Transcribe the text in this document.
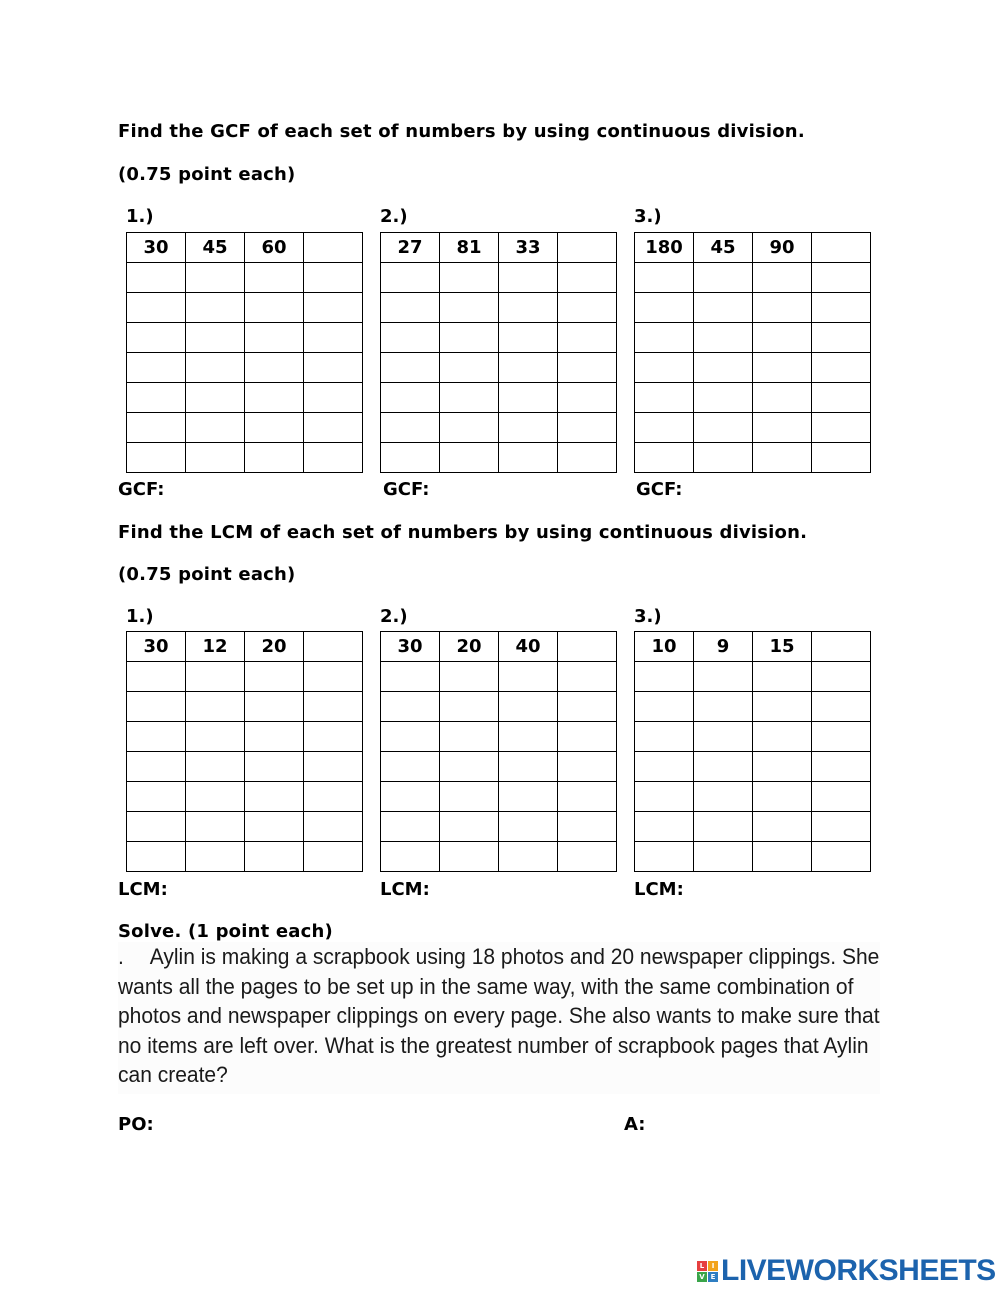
Find the GCF of each set of numbers by using continuous division.
(0.75 point each)
1.)	2.)	3.)
30	45	60	

				27	81	33	

				180	45	90	

GCF:	GCF:	GCF:
Find the LCM of each set of numbers by using continuous division.
(0.75 point each)
1.)	2.)	3.)
30	12	20	

				30	20	40	

				10	9	15	

LCM:	LCM:	LCM:
Solve. (1 point each)
. Aylin is making a scrapbook using 18 photos and 20 newspaper clippings. She
wants all the pages to be set up in the same way, with the same combination of
photos and newspaper clippings on every page. She also wants to make sure that
no items are left over. What is the greatest number of scrapbook pages that Aylin
can create?
PO:	A:
L	I
V E LIVEWORKSHEETS
